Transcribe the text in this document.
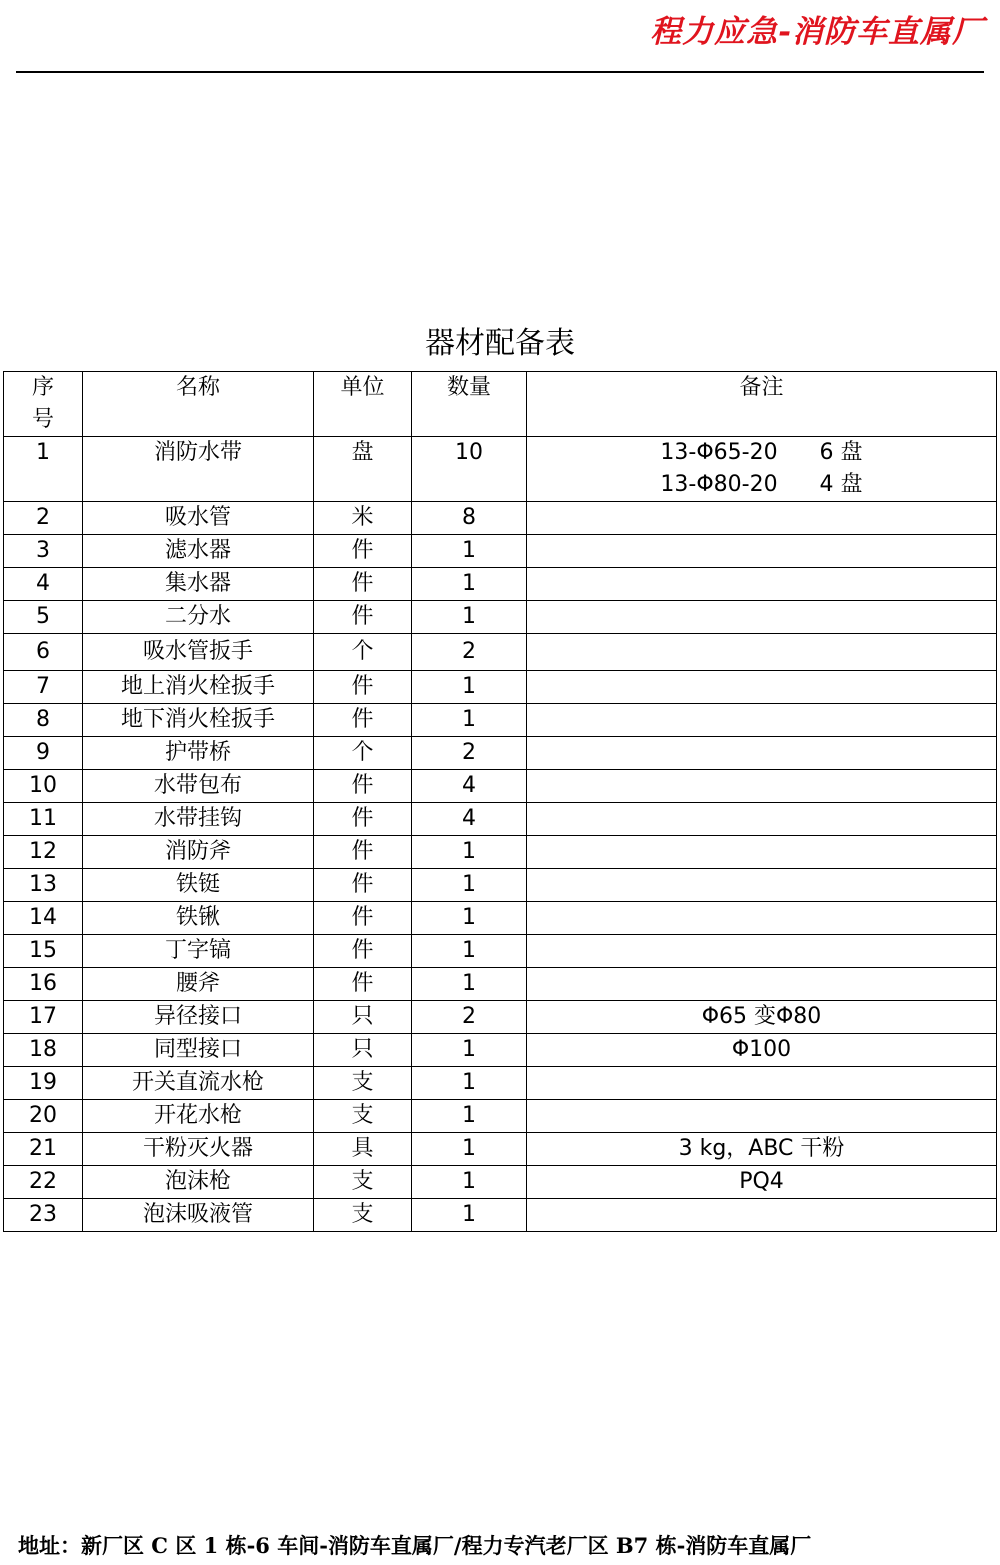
程力应急-消防车直属厂
器材配备表
序
号	名称	单位	数量	备注
1	消防水带	盘	10	13-Φ65-20      6 盘
13-Φ80-20      4 盘

2	吸水管	米	8	

3	滤水器	件	1	

4	集水器	件	1	

5	二分水	件	1	

6	吸水管扳手	个	2	

7	地上消火栓扳手	件	1	

8	地下消火栓扳手	件	1	

9	护带桥	个	2	

10	水带包布	件	4	

11	水带挂钩	件	4	

12	消防斧	件	1	

13	铁铤	件	1	

14	铁锹	件	1	

15	丁字镐	件	1	

16	腰斧	件	1	

17	异径接口	只	2	Φ65 变Φ80

18	同型接口	只	1	Φ100

19	开关直流水枪	支	1	

20	开花水枪	支	1	

21	干粉灭火器	具	1	3 kg，ABC 干粉

22	泡沫枪	支	1	PQ4

23	泡沫吸液管	支	1	
地址：新厂区 C 区 1 栋-6 车间-消防车直属厂/程力专汽老厂区 B7 栋-消防车直属厂
